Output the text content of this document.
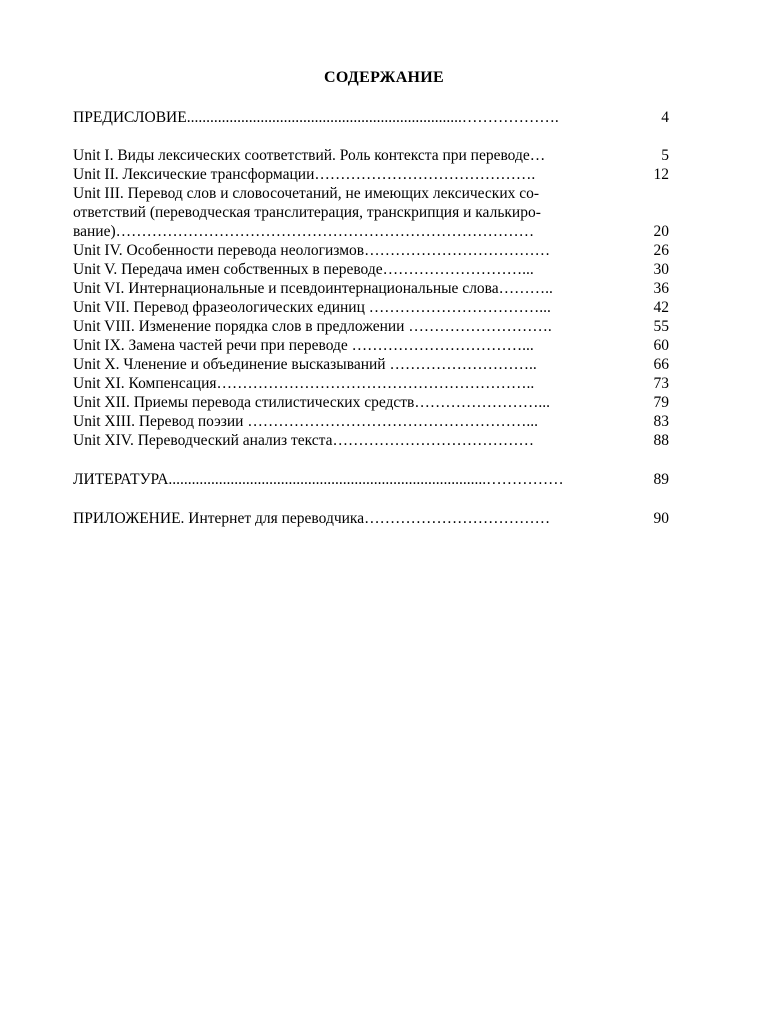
СОДЕРЖАНИЕ
ПРЕДИСЛОВИЕ.......................................................................……………….	4
Unit I. Виды лексических соответствий. Роль контекста при переводе…	5
Unit II. Лексические трансформации…………………………………….	12
Unit III. Перевод слов и словосочетаний, не имеющих лексических со-
ответствий (переводческая транслитерация, транскрипция и калькиро-
вание)………………………………………………………………………	20
Unit IV. Особенности перевода неологизмов………………………………	26
Unit V. Передача имен собственных в переводе………………………...	30
Unit VI. Интернациональные и псевдоинтернациональные слова………..	36
Unit VII. Перевод фразеологических единиц ……………………………...	42
Unit VIII. Изменение порядка слов в предложении ……………………….	55
Unit IX. Замена частей речи при переводе ……………………………...	60
Unit X. Членение и объединение высказываний ………………………..	66
Unit XI. Компенсация……………………………………………………..	73
Unit XII. Приемы перевода стилистических средств……………………...	79
Unit XIII. Перевод поэзии ………………………………………………...	83
Unit XIV. Переводческий анализ текста…………………………………	88
ЛИТЕРАТУРА..................................................................................……………	89
ПРИЛОЖЕНИЕ. Интернет для переводчика………………………………	90
